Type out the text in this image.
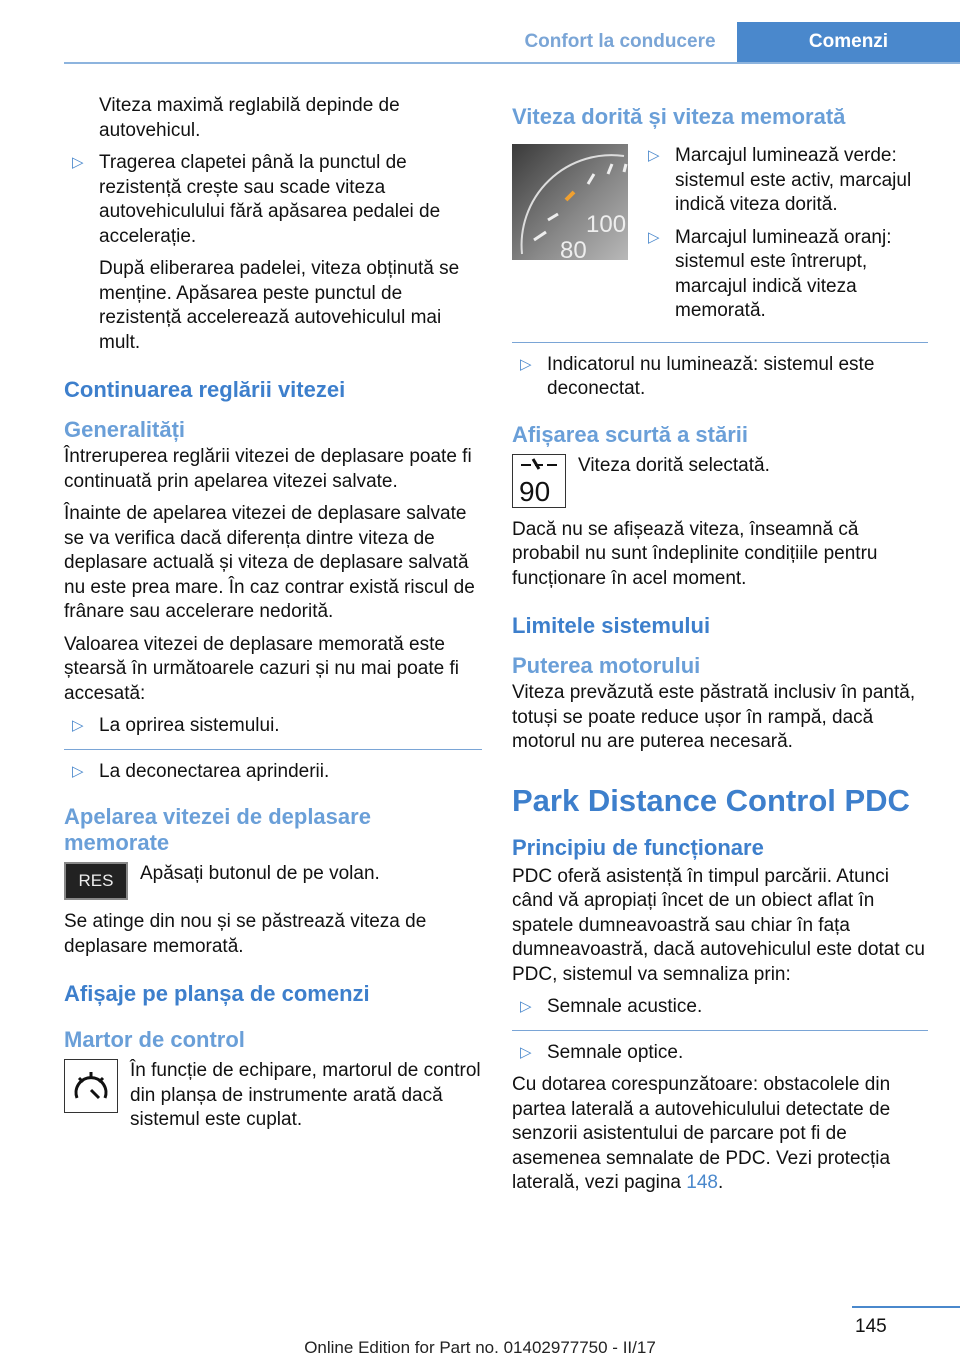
Confort la conducere	Comenzi

Viteza maximă reglabilă depinde de autovehicul.

▷ Tragerea clapetei până la punctul de rezistență crește sau scade viteza autovehiculului fără apăsarea pedalei de accelerație.

După eliberarea padelei, viteza obținută se menține. Apăsarea peste punctul de rezistență accelerează autovehiculul mai mult.

Continuarea reglării vitezei
Generalități

Întreruperea reglării vitezei de deplasare poate fi continuată prin apelarea vitezei salvate.

Înainte de apelarea vitezei de deplasare salvate se va verifica dacă diferența dintre viteza de deplasare actuală și viteza de deplasare salvată nu este prea mare. În caz contrar există riscul de frânare sau accelerare nedorită.

Valoarea vitezei de deplasare memorată este ștearsă în următoarele cazuri și nu mai poate fi accesată:

▷ La oprirea sistemului.
▷ La deconectarea aprinderii.
Apelarea vitezei de deplasare memorate
RES	Apăsați butonul de pe volan.

Se atinge din nou și se păstrează viteza de deplasare memorată.

Afișaje pe planșa de comenzi
Martor de control
În funcție de echipare, martorul de control din planșa de instrumente arată dacă sistemul este cuplat.
Viteza dorită și viteza memorată
100
80
▷ Marcajul luminează verde: sistemul este activ, marcajul indică viteza dorită.
▷ Marcajul luminează oranj: sistemul este întrerupt, marcajul indică viteza memorată.
▷ Indicatorul nu luminează: sistemul este deconectat.
Afișarea scurtă a stării
90
Viteza dorită selectată.

Dacă nu se afișează viteza, înseamnă că probabil nu sunt îndeplinite condițiile pentru funcționare în acel moment.

Limitele sistemului
Puterea motorului

Viteza prevăzută este păstrată inclusiv în pantă, totuși se poate reduce ușor în rampă, dacă motorul nu are puterea necesară.

Park Distance Control PDC
Principiu de funcționare

PDC oferă asistență în timpul parcării. Atunci când vă apropiați încet de un obiect aflat în spatele dumneavoastră sau chiar în fața dumneavoastră, dacă autovehiculul este dotat cu PDC, sistemul va semnaliza prin:

▷ Semnale acustice.
▷ Semnale optice.

Cu dotarea corespunzătoare: obstacolele din partea laterală a autovehiculului detectate de senzorii asistentului de parcare pot fi de asemenea semnalate de PDC. Vezi protecția laterală, vezi pagina 148.

145
Online Edition for Part no. 01402977750 - II/17
